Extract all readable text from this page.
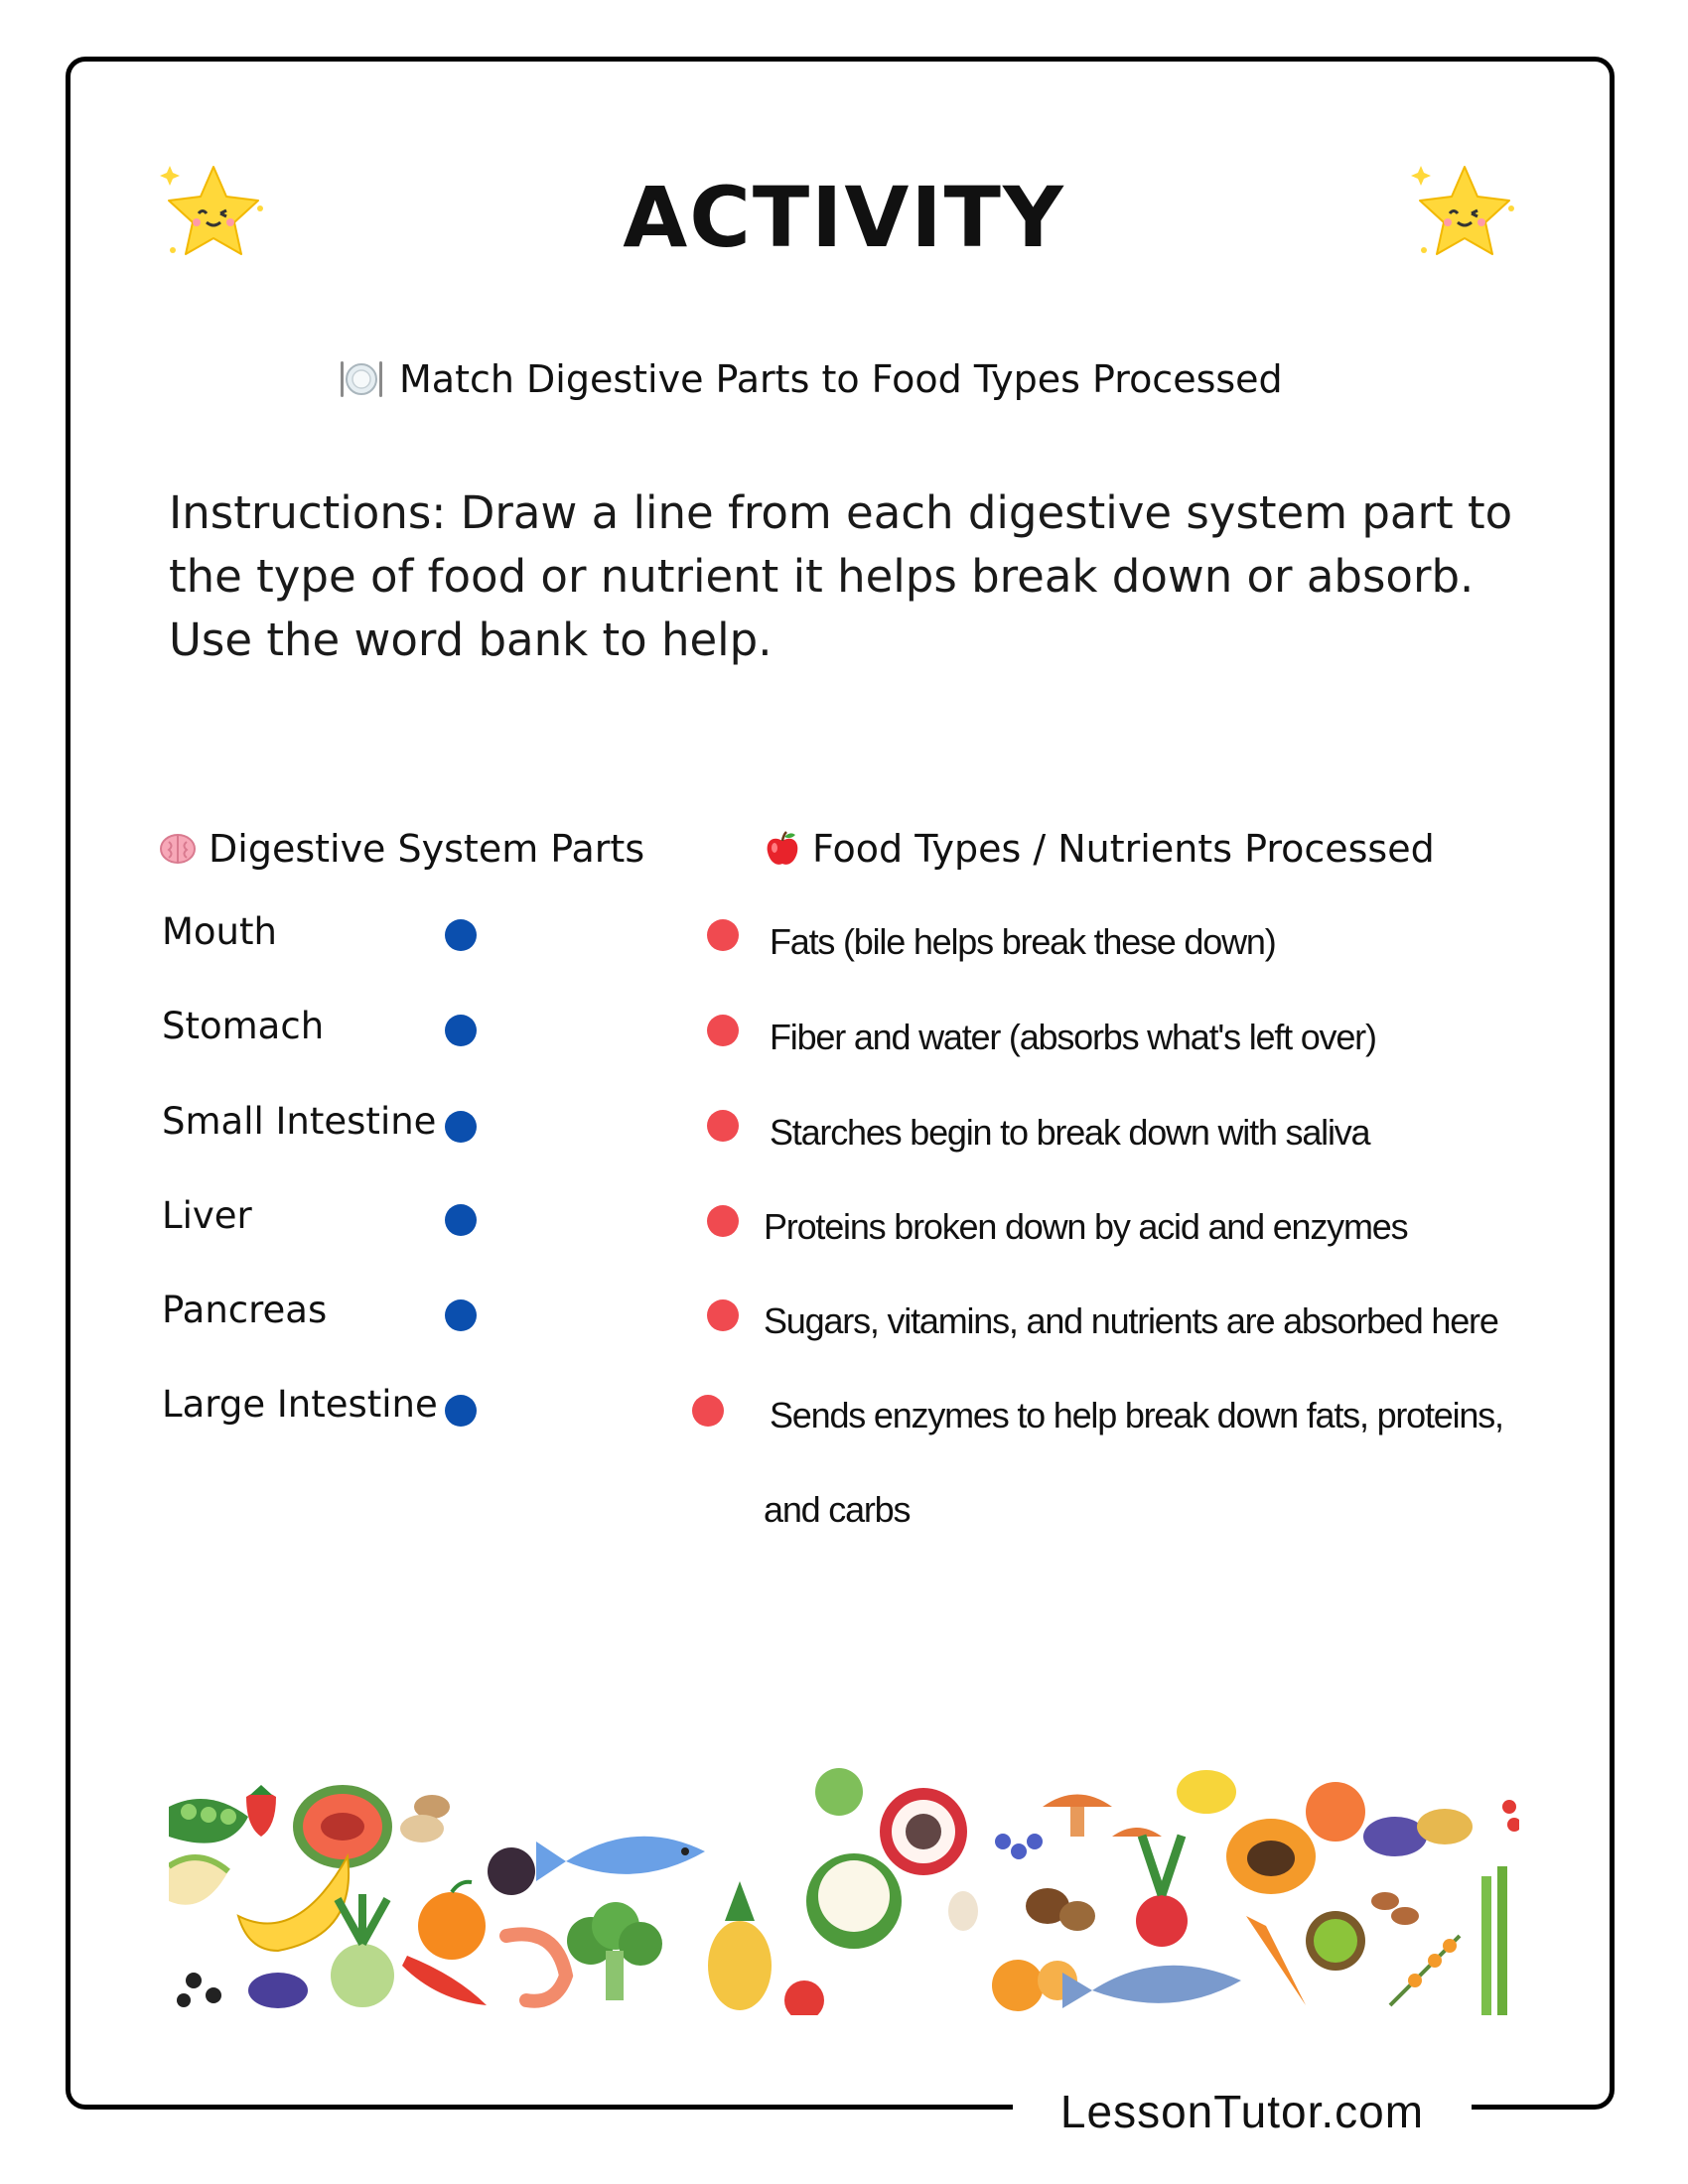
LessonTutor.com
ACTIVITY
Match Digestive Parts to Food Types Processed
Instructions: Draw a line from each digestive system part to the type of food or nutrient it helps break down or absorb. Use the word bank to help.
Digestive System Parts	Food Types / Nutrients Processed
Mouth
Stomach
Small Intestine
Liver
Pancreas
Large Intestine
Fats (bile helps break these down)
Fiber and water (absorbs what's left over)
Starches begin to break down with saliva
Proteins broken down by acid and enzymes
Sugars, vitamins, and nutrients are absorbed here
Sends enzymes to help break down fats, proteins,
and carbs
